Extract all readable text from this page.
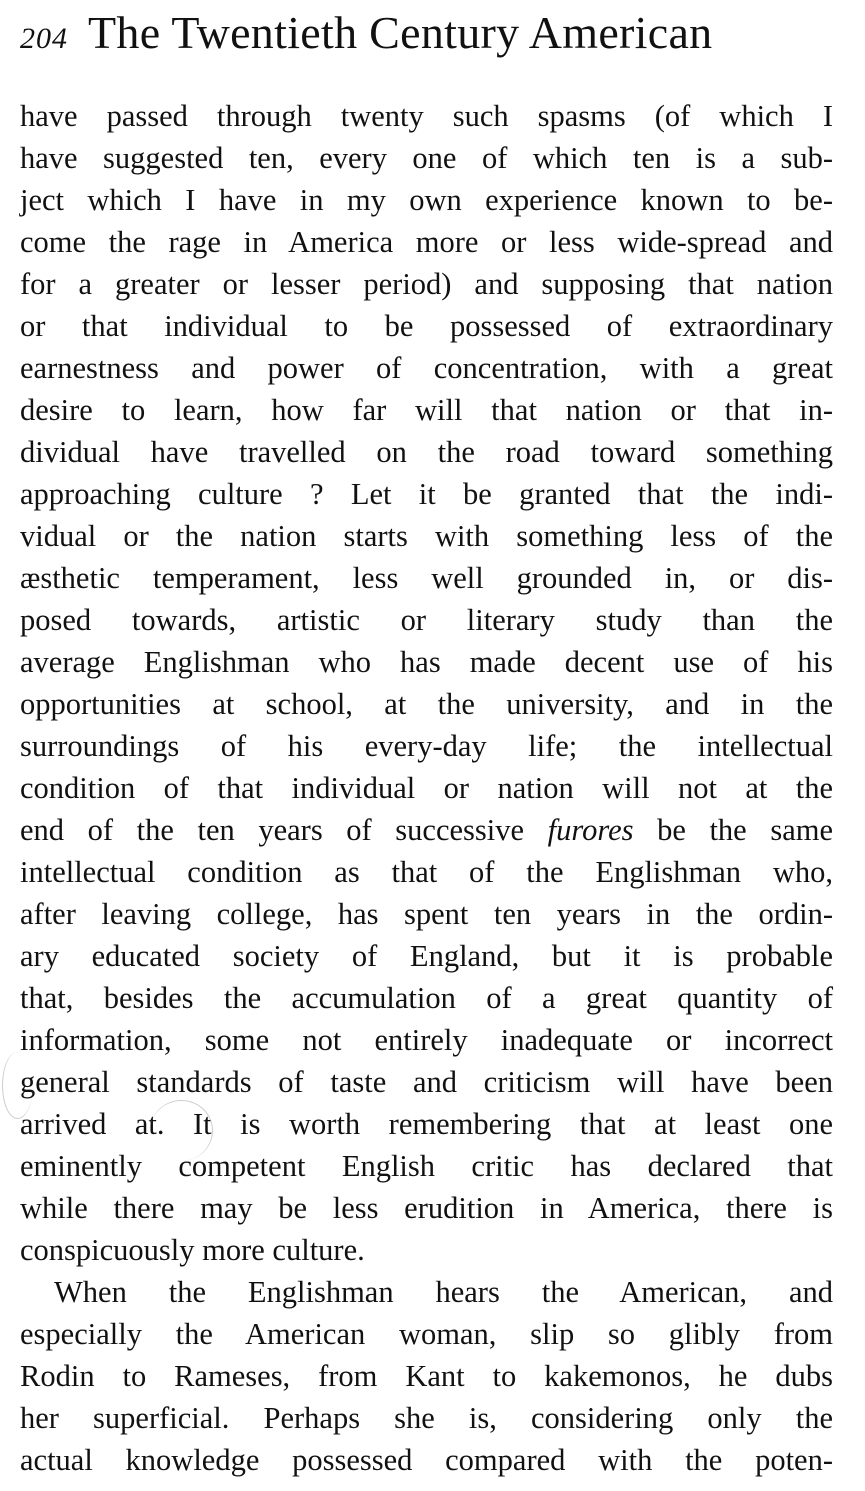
204 The Twentieth Century American
have passed through twenty such spasms (of which I
have suggested ten, every one of which ten is a sub-
ject which I have in my own experience known to be-
come the rage in America more or less wide-spread and
for a greater or lesser period) and supposing that nation
or that individual to be possessed of extraordinary
earnestness and power of concentration, with a great
desire to learn, how far will that nation or that in-
dividual have travelled on the road toward something
approaching culture ? Let it be granted that the indi-
vidual or the nation starts with something less of the
æsthetic temperament, less well grounded in, or dis-
posed towards, artistic or literary study than the
average Englishman who has made decent use of his
opportunities at school, at the university, and in the
surroundings of his every-day life; the intellectual
condition of that individual or nation will not at the
end of the ten years of successive furores be the same
intellectual condition as that of the Englishman who,
after leaving college, has spent ten years in the ordin-
ary educated society of England, but it is probable
that, besides the accumulation of a great quantity of
information, some not entirely inadequate or incorrect
general standards of taste and criticism will have been
arrived at. It is worth remembering that at least one
eminently competent English critic has declared that
while there may be less erudition in America, there is
conspicuously more culture.
When the Englishman hears the American, and
especially the American woman, slip so glibly from
Rodin to Rameses, from Kant to kakemonos, he dubs
her superficial. Perhaps she is, considering only the
actual knowledge possessed compared with the poten-
